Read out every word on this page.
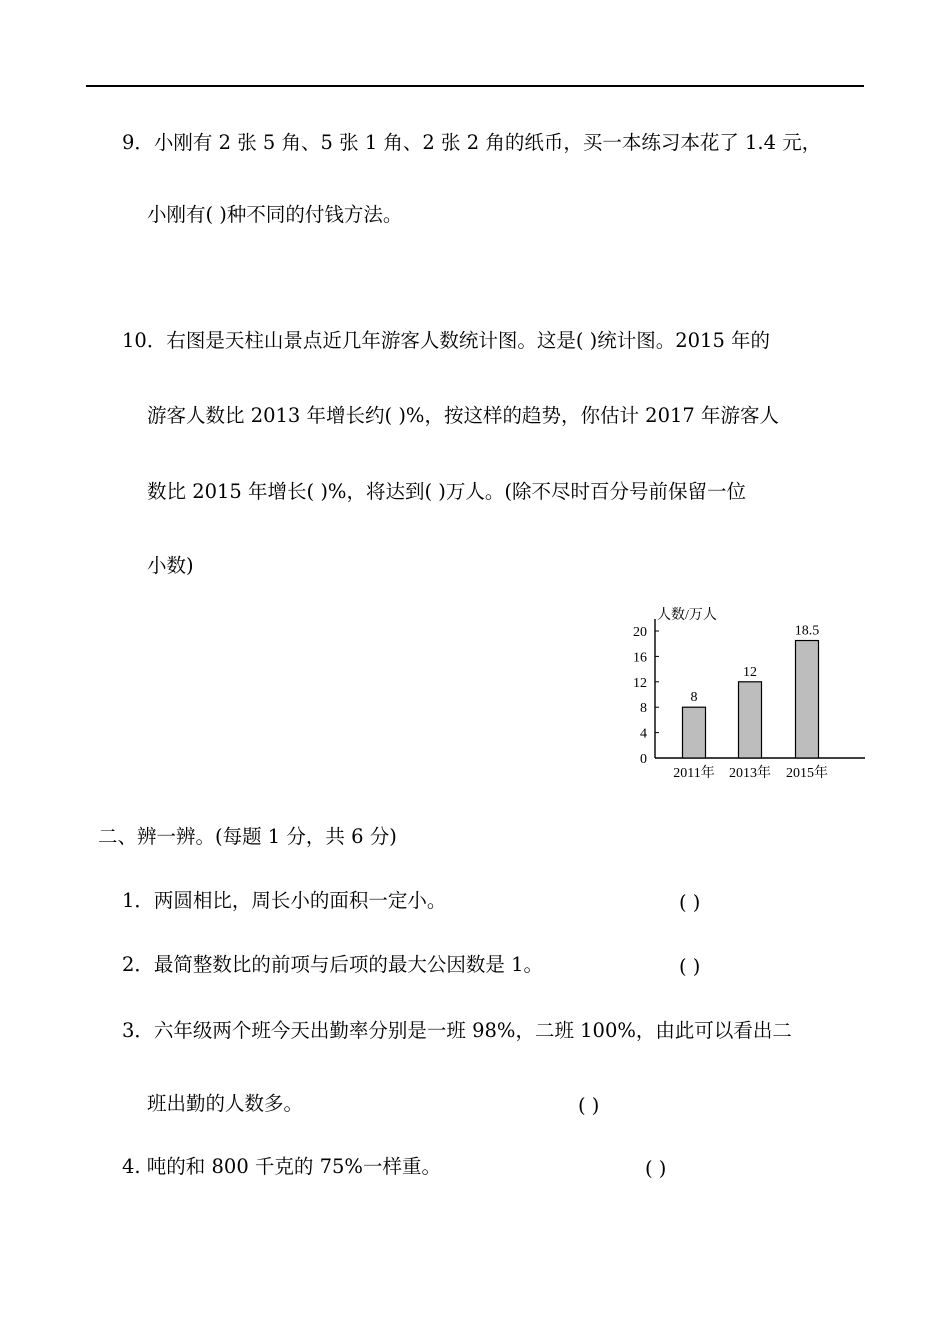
9．小刚有 2 张 5 角、5 张 1 角、2 张 2 角的纸币，买一本练习本花了 1.4 元，
小刚有( )种不同的付钱方法。
10．右图是天柱山景点近几年游客人数统计图。这是( )统计图。2015 年的
游客人数比 2013 年增长约( )%，按这样的趋势，你估计 2017 年游客人
数比 2015 年增长( )%，将达到( )万人。(除不尽时百分号前保留一位
小数)
人数/万人
0
4
8
12
16
20
8
2011年
12
2013年
18.5
2015年
二、辨一辨。(每题 1 分，共 6 分)
1．两圆相比，周长小的面积一定小。	( )
2．最简整数比的前项与后项的最大公因数是 1。	( )
3．六年级两个班今天出勤率分别是一班 98%，二班 100%，由此可以看出二
班出勤的人数多。	( )
4. 吨的和 800 千克的 75%一样重。	( )
